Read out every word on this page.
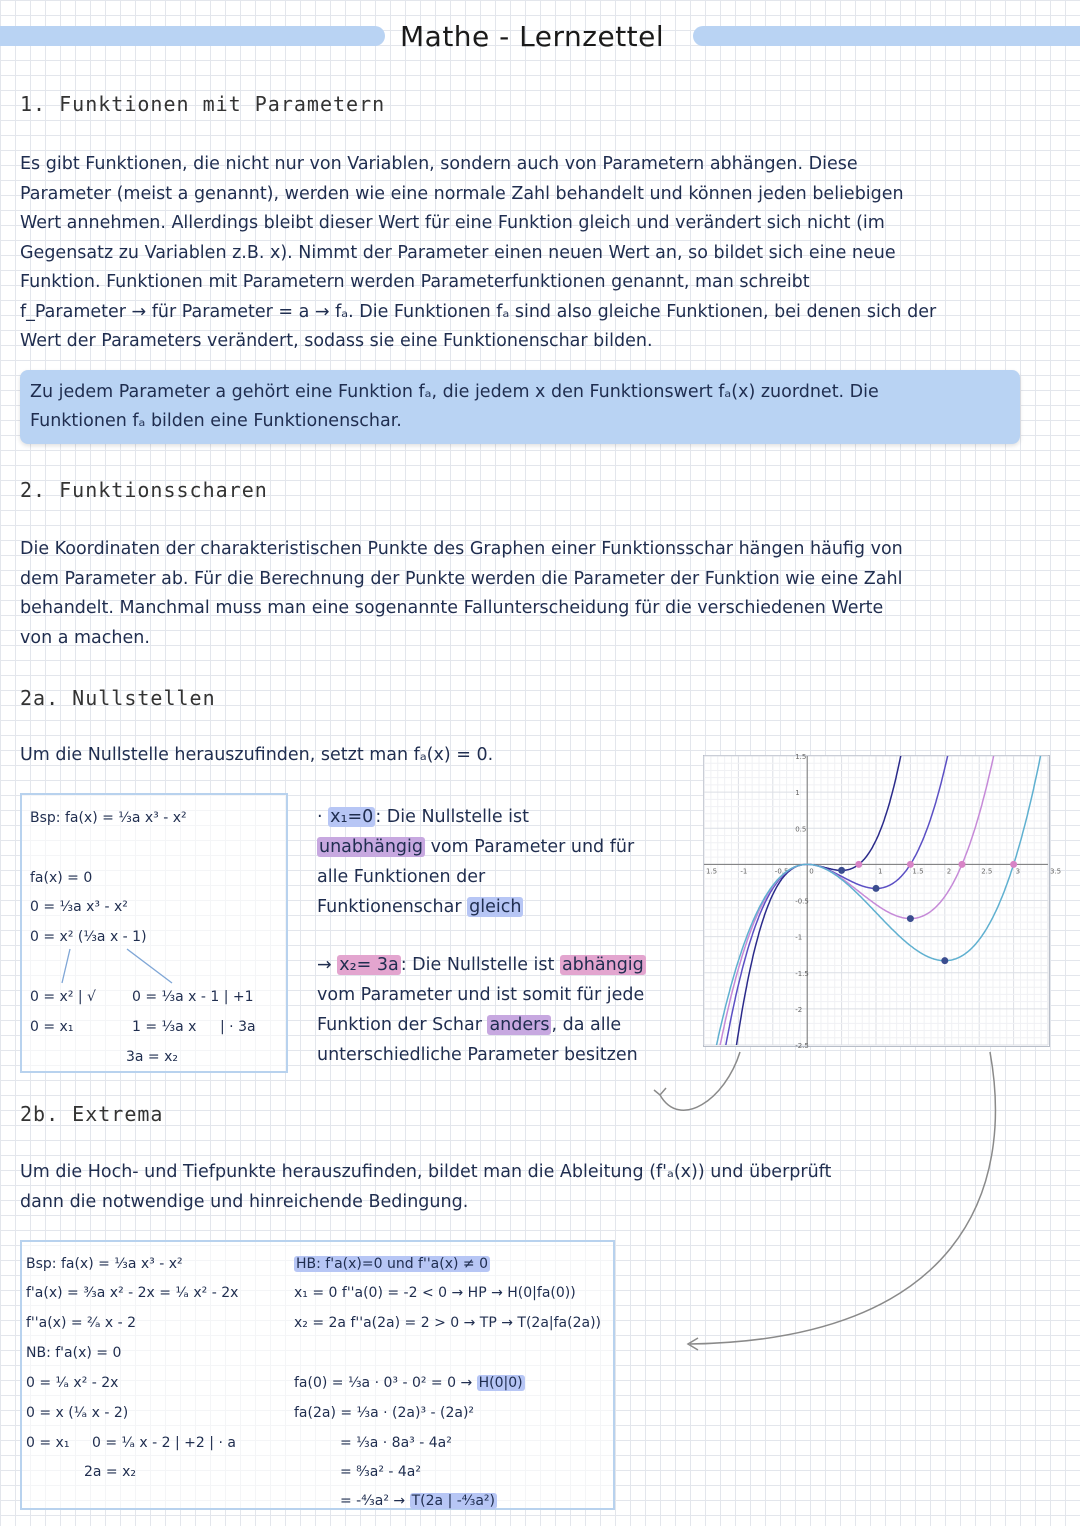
Mathe - Lernzettel
1. Funktionen mit Parametern

Es gibt Funktionen, die nicht nur von Variablen, sondern auch von Parametern abhängen. Diese

Parameter (meist a genannt), werden wie eine normale Zahl behandelt und können jeden beliebigen

Wert annehmen. Allerdings bleibt dieser Wert für eine Funktion gleich und verändert sich nicht (im

Gegensatz zu Variablen z.B. x). Nimmt der Parameter einen neuen Wert an, so bildet sich eine neue

Funktion. Funktionen mit Parametern werden Parameterfunktionen genannt, man schreibt

f_Parameter → für Parameter = a → fₐ. Die Funktionen fₐ sind also gleiche Funktionen, bei denen sich der

Wert der Parameters verändert, sodass sie eine Funktionenschar bilden.

Zu jedem Parameter a gehört eine Funktion fₐ, die jedem x den Funktionswert fₐ(x) zuordnet. Die
Funktionen fₐ bilden eine Funktionenschar.
2. Funktionsscharen

Die Koordinaten der charakteristischen Punkte des Graphen einer Funktionsschar hängen häufig von

dem Parameter ab. Für die Berechnung der Punkte werden die Parameter der Funktion wie eine Zahl

behandelt. Manchmal muss man eine sogenannte Fallunterscheidung für die verschiedenen Werte

von a machen.

2a. Nullstellen
Um die Nullstelle herauszufinden, setzt man fₐ(x) = 0.
Bsp: fa(x) = ⅓a x³ - x²
fa(x) = 0
0 = ⅓a x³ - x²
0 = x² (⅓a x - 1)
0 = x² | √	0 = ⅓a x - 1 | +1
0 = x₁	1 = ⅓a x | · 3a
3a = x₂
· x₁=0 : Die Nullstelle ist
unabhängig vom Parameter und für
alle Funktionen der
Funktionenschar gleich
→ x₂= 3a : Die Nullstelle ist abhängig
vom Parameter und ist somit für jede
Funktion der Schar anders , da alle
unterschiedliche Parameter besitzen
1.5	-1	-0.5	0	1	1.5	2	2.5	3	3.5
1.5
1
0.5
-0.5
-1
-1.5
-2
-2.5
2b. Extrema

Um die Hoch- und Tiefpunkte herauszufinden, bildet man die Ableitung (f'ₐ(x)) und überprüft

dann die notwendige und hinreichende Bedingung.

Bsp: fa(x) = ⅓a x³ - x²
f'a(x) = ³⁄₃a x² - 2x = ¹⁄ₐ x² - 2x
f''a(x) = ²⁄ₐ x - 2
NB: f'a(x) = 0
0 = ¹⁄ₐ x² - 2x
0 = x (¹⁄ₐ x - 2)
0 = x₁ 0 = ¹⁄ₐ x - 2 | +2 | · a
2a = x₂
HB: f'a(x)=0 und f''a(x) ≠ 0
x₁ = 0 f''a(0) = -2 < 0 → HP → H(0|fa(0))
x₂ = 2a f''a(2a) = 2 > 0 → TP → T(2a|fa(2a))
fa(0) = ⅓a · 0³ - 0² = 0 → H(0|0)
fa(2a) = ⅓a · (2a)³ - (2a)²
= ⅓a · 8a³ - 4a²
= ⁸⁄₃a² - 4a²
= -⁴⁄₃a² → T(2a | -⁴⁄₃a²)
